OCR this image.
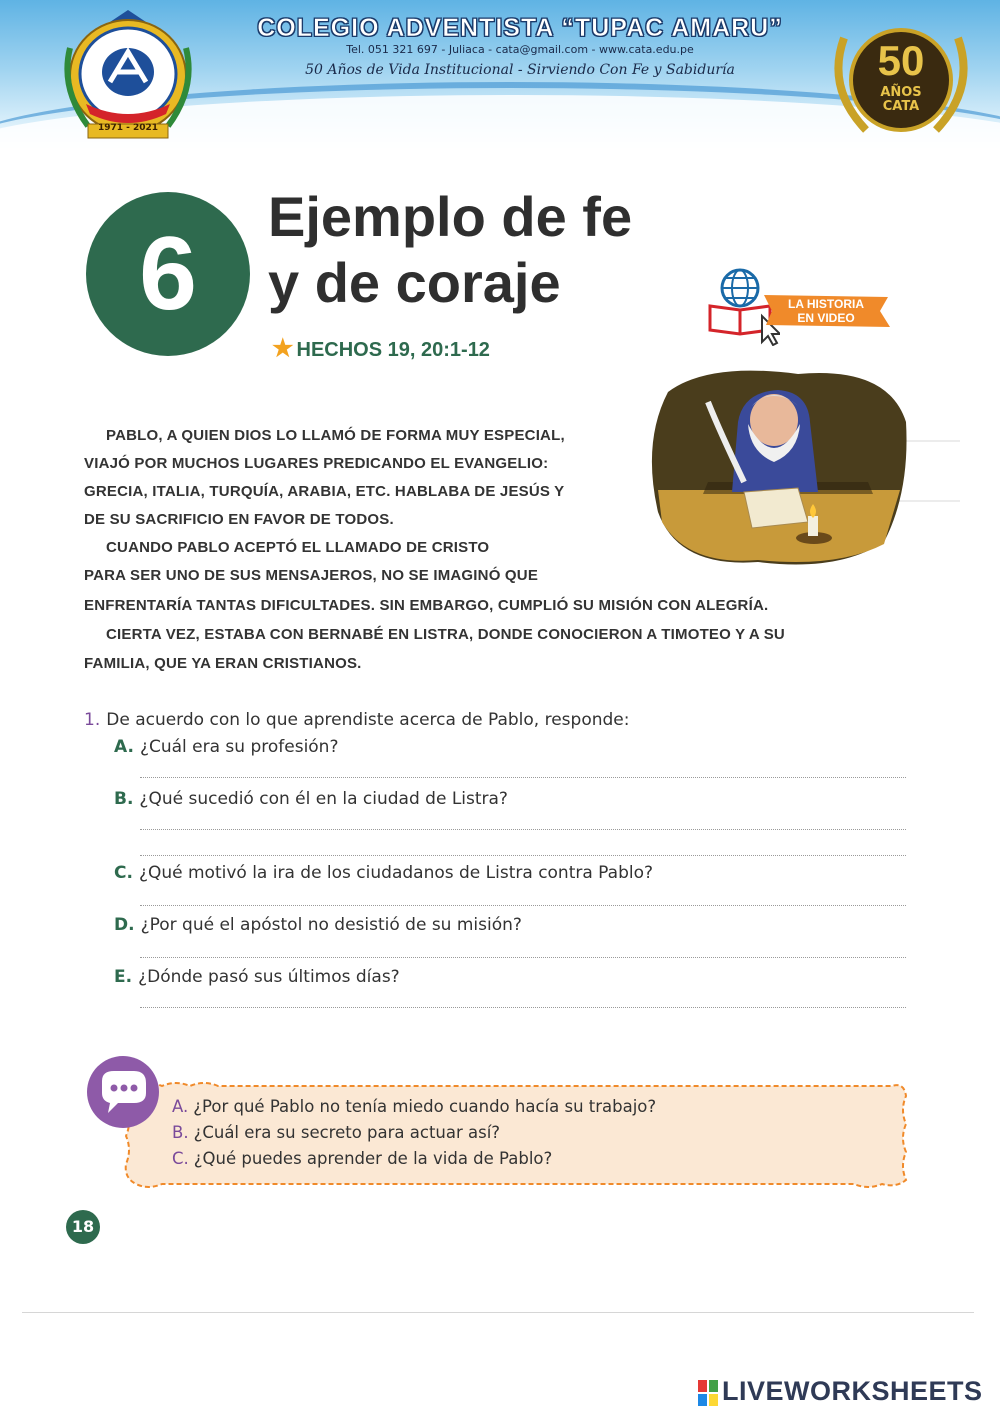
1971 - 2021
COLEGIO ADVENTISTA “TUPAC AMARU”
Tel. 051 321 697 - Juliaca - cata@gmail.com - www.cata.edu.pe
50 Años de Vida Institucional - Sirviendo Con Fe y Sabiduría	50
AÑOS
CATA
6	Ejemplo de fe
y de coraje
★ HECHOS 19, 20:1-12
LA HISTORIA
EN VIDEO
PABLO, A QUIEN DIOS LO LLAMÓ DE FORMA MUY ESPECIAL,
VIAJÓ POR MUCHOS LUGARES PREDICANDO EL EVANGELIO:
GRECIA, ITALIA, TURQUÍA, ARABIA, ETC. HABLABA DE JESÚS Y
DE SU SACRIFICIO EN FAVOR DE TODOS.
CUANDO PABLO ACEPTÓ EL LLAMADO DE CRISTO
PARA SER UNO DE SUS MENSAJEROS, NO SE IMAGINÓ QUE
ENFRENTARÍA TANTAS DIFICULTADES. SIN EMBARGO, CUMPLIÓ SU MISIÓN CON ALEGRÍA.
CIERTA VEZ, ESTABA CON BERNABÉ EN LISTRA, DONDE CONOCIERON A TIMOTEO Y A SU
FAMILIA, QUE YA ERAN CRISTIANOS.
1. De acuerdo con lo que aprendiste acerca de Pablo, responde:
A. ¿Cuál era su profesión?
B. ¿Qué sucedió con él en la ciudad de Listra?
C. ¿Qué motivó la ira de los ciudadanos de Listra contra Pablo?
D. ¿Por qué el apóstol no desistió de su misión?
E. ¿Dónde pasó sus últimos días?
A. ¿Por qué Pablo no tenía miedo cuando hacía su trabajo?
B. ¿Cuál era su secreto para actuar así?
C. ¿Qué puedes aprender de la vida de Pablo?
18
LIVEWORKSHEETS
